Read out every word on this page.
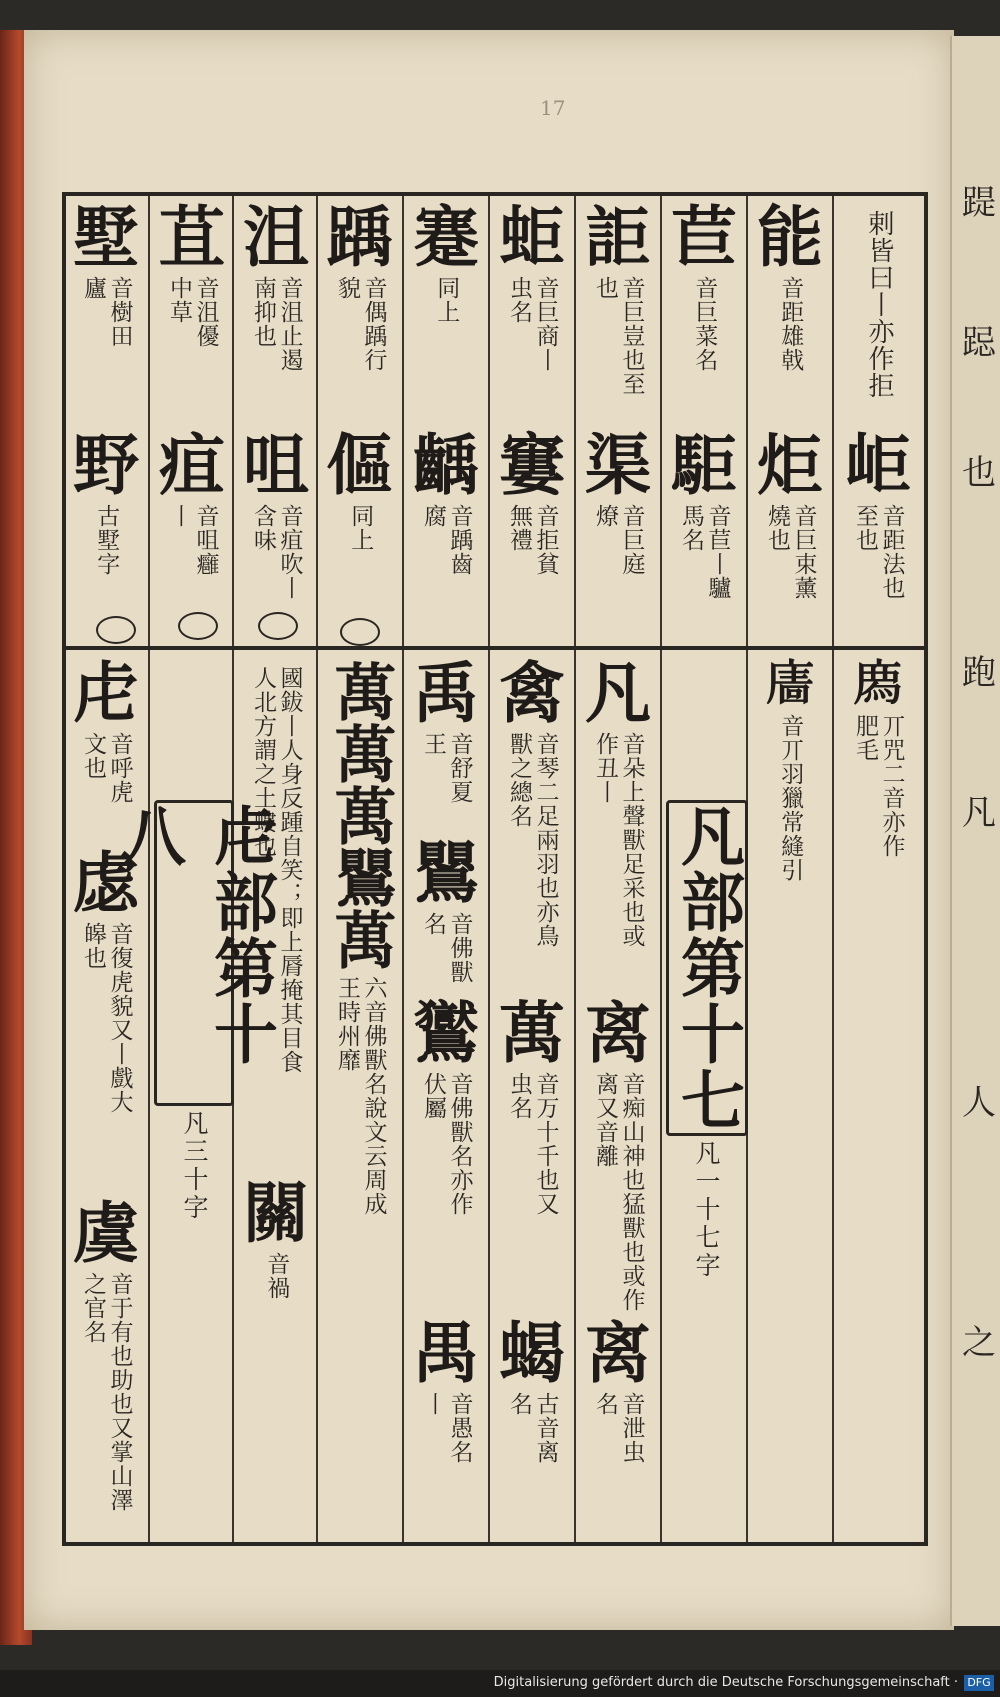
17
踶
跽
也
跑
凡
人
之
剌皆曰丨亦作拒
能
音距雄戟
苣
音巨菜名
詎
音巨豈也至也
蚷
音巨商丨虫名
蹇
同上
踽
音偶踽行貌
沮
音沮止遏南抑也
苴
音沮優中草
墅
音樹田廬
岠
音距法也至也
炬
音巨束薰燒也
駏
音苣丨驢馬名
渠
音巨庭燎
窶
音拒貧無禮
齲
音踽齒腐
傴
同上
咀
音疽吹丨含味
疽
音咀癰丨
野
古墅字
𢊁
丌咒二音亦作肥毛
𢊂
音丌羽獵常縫引
凡部第十七
凡一十七字
凡
音朵上聲獸足采也或作丑丨
离
音痴山神也猛獸也或作离又音離
禽
音琴二足兩羽也亦鳥獸之總名
萬
音万十千也又虫名
禹
音舒夏王
鸎
音佛獸名
鸑
音佛獸名亦作伏屬
萬萬萬鸎萬
六音佛獸名說文云周成王時州靡
禺
音愚名丨
离
音泄虫名
蝎
古音离名
國鈸丨人身反踵自笑；即上脣掩其目食人北方謂之土螻也
關
音禍
凡三十字
虍
音呼虎文也
虙
音復虎貌又丨戲大皞也
虞
音于有也助也又掌山澤之官名
Digitalisierung gefördert durch die Deutsche Forschungsgemeinschaft · DFG
